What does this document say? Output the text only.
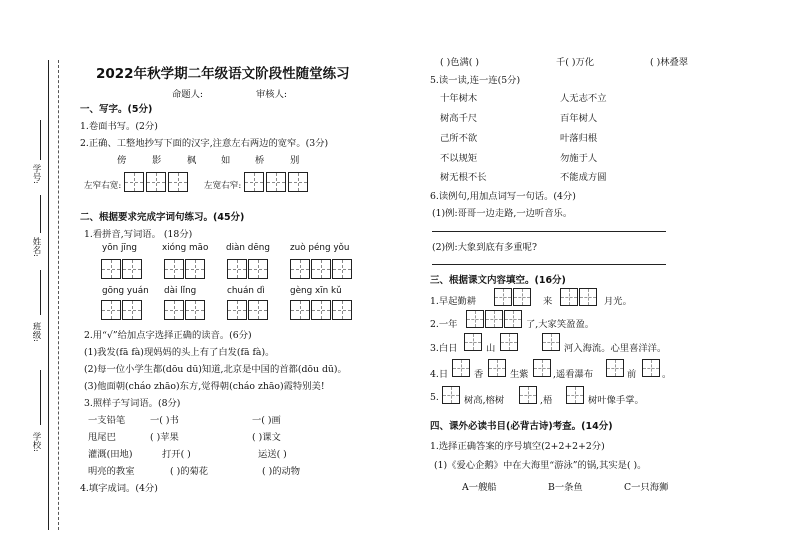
学号:
姓名:
班级:
学校:
2022年秋学期二年级语文阶段性随堂练习
命题人:	审核人:
一、写字。(5分)
1.卷面书写。(2分)
2.正确、工整地抄写下面的汉字,注意左右两边的宽窄。(3分)
傍	影	枫	如	桥	别
左窄右宽:	左宽右窄:
二、根据要求完成字词句练习。(45分)
1.看拼音,写词语。 (18分)
yōn jīng	xióng māo diàn dēng zuò péng yǒu
gōng yuán dài lǐng	chuán dì	gèng xīn kǔ
2.用“√”给加点字选择正确的读音。(6分)
(1)我发(fā fà)现妈妈的头上有了白发(fā fà)。
(2)每一位小学生都(dōu dū)知道,北京是中国的首都(dōu dū)。
(3)他面朝(cháo zhāo)东方,觉得朝(cháo zhāo)霞特别美!
3.照样子写词语。(8分)
一支铅笔	一( )书	一( )画
甩尾巴	( )苹果	( )课文
灌溉(田地)	打开( )	运送( )
明亮的教室	( )的菊花	( )的动物
4.填字成词。(4分)
( )色满( )	千( )万化	( )林叠翠
5.读一读,连一连(5分)
十年树木
树高千尺
己所不欲
不以规矩
树无根不长
人无志不立
百年树人
叶落归根
勿施于人
不能成方圆
6.读例句,用加点词写一句话。(4分)
(1)例:哥哥一边走路,一边听音乐。
(2)例:大象到底有多重呢?
三、根据课文内容填空。(16分)
1.早起勤耕	来	月光。
2.一年	了,大家笑盈盈。
3.白日	山	河入海流。心里喜洋洋。
4.日	香	生紫	,遥看瀑布	前	。
5.	树高,榕树	,梧	树叶像手掌。
四、课外必读书目(必背古诗)考查。(14分)
1.选择正确答案的序号填空(2+2+2+2分)
(1)《爱心企鹅》中在大海里“游泳”的锅,其实是( )。
A一艘船	B一条鱼	C一只海狮
